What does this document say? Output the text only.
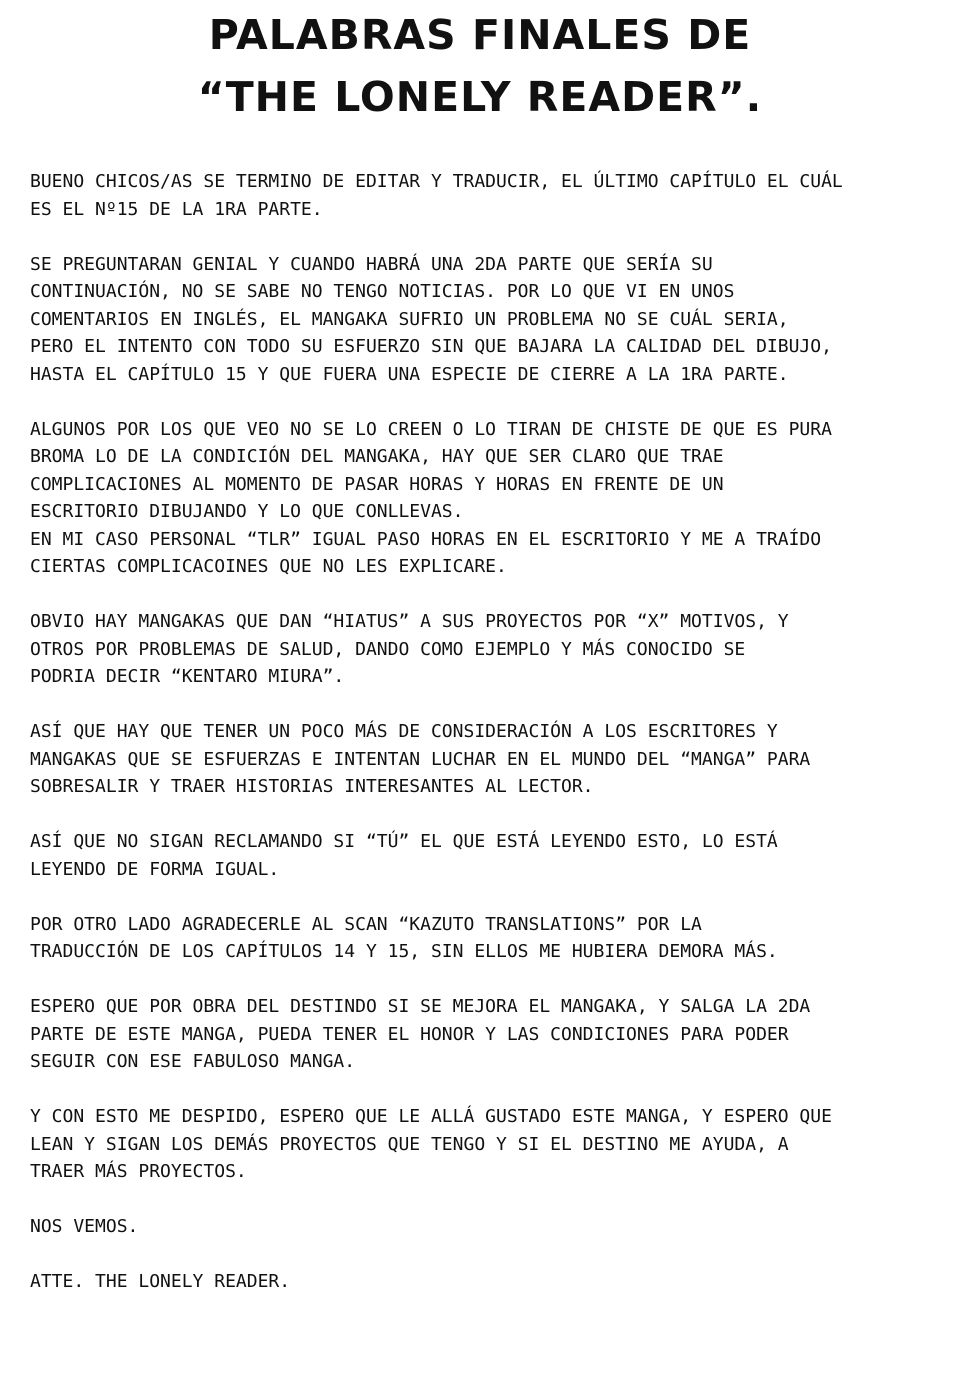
PALABRAS FINALES DE
“THE LONELY READER”.

BUENO CHICOS/AS SE TERMINO DE EDITAR Y TRADUCIR, EL ÚLTIMO CAPÍTULO EL CUÁL
ES EL Nº15 DE LA 1RA PARTE.

SE PREGUNTARAN GENIAL Y CUANDO HABRÁ UNA 2DA PARTE QUE SERÍA SU
CONTINUACIÓN, NO SE SABE NO TENGO NOTICIAS. POR LO QUE VI EN UNOS
COMENTARIOS EN INGLÉS, EL MANGAKA SUFRIO UN PROBLEMA NO SE CUÁL SERIA,
PERO EL INTENTO CON TODO SU ESFUERZO SIN QUE BAJARA LA CALIDAD DEL DIBUJO,
HASTA EL CAPÍTULO 15 Y QUE FUERA UNA ESPECIE DE CIERRE A LA 1RA PARTE.

ALGUNOS POR LOS QUE VEO NO SE LO CREEN O LO TIRAN DE CHISTE DE QUE ES PURA
BROMA LO DE LA CONDICIÓN DEL MANGAKA, HAY QUE SER CLARO QUE TRAE
COMPLICACIONES AL MOMENTO DE PASAR HORAS Y HORAS EN FRENTE DE UN
ESCRITORIO DIBUJANDO Y LO QUE CONLLEVAS.
EN MI CASO PERSONAL “TLR” IGUAL PASO HORAS EN EL ESCRITORIO Y ME A TRAÍDO
CIERTAS COMPLICACOINES QUE NO LES EXPLICARE.

OBVIO HAY MANGAKAS QUE DAN “HIATUS” A SUS PROYECTOS POR “X” MOTIVOS, Y
OTROS POR PROBLEMAS DE SALUD, DANDO COMO EJEMPLO Y MÁS CONOCIDO SE
PODRIA DECIR “KENTARO MIURA”.

ASÍ QUE HAY QUE TENER UN POCO MÁS DE CONSIDERACIÓN A LOS ESCRITORES Y
MANGAKAS QUE SE ESFUERZAS E INTENTAN LUCHAR EN EL MUNDO DEL “MANGA” PARA
SOBRESALIR Y TRAER HISTORIAS INTERESANTES AL LECTOR.

ASÍ QUE NO SIGAN RECLAMANDO SI “TÚ” EL QUE ESTÁ LEYENDO ESTO, LO ESTÁ
LEYENDO DE FORMA IGUAL.

POR OTRO LADO AGRADECERLE AL SCAN “KAZUTO TRANSLATIONS” POR LA
TRADUCCIÓN DE LOS CAPÍTULOS 14 Y 15, SIN ELLOS ME HUBIERA DEMORA MÁS.

ESPERO QUE POR OBRA DEL DESTINDO SI SE MEJORA EL MANGAKA, Y SALGA LA 2DA
PARTE DE ESTE MANGA, PUEDA TENER EL HONOR Y LAS CONDICIONES PARA PODER
SEGUIR CON ESE FABULOSO MANGA.

Y CON ESTO ME DESPIDO, ESPERO QUE LE ALLÁ GUSTADO ESTE MANGA, Y ESPERO QUE
LEAN Y SIGAN LOS DEMÁS PROYECTOS QUE TENGO Y SI EL DESTINO ME AYUDA, A
TRAER MÁS PROYECTOS.

NOS VEMOS.

ATTE. THE LONELY READER.
